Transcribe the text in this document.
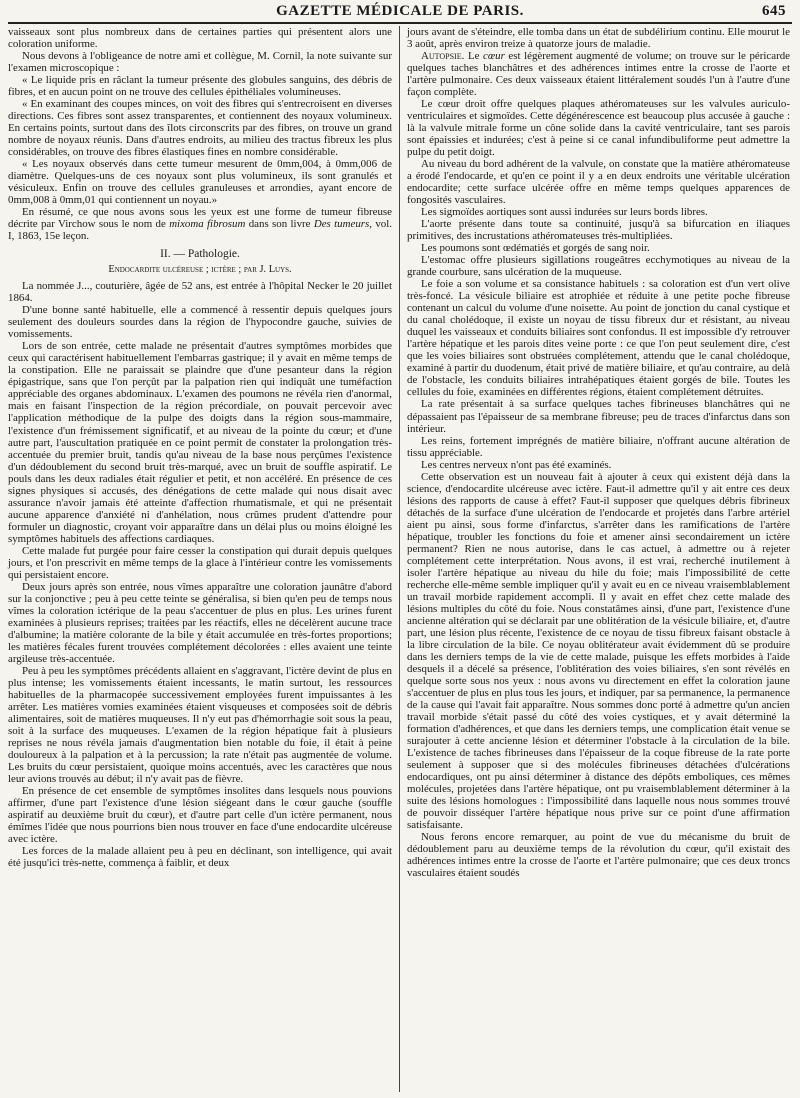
GAZETTE MÉDICALE DE PARIS.	645

vaisseaux sont plus nombreux dans de certaines parties qui présentent alors une coloration uniforme.

Nous devons à l'obligeance de notre ami et collègue, M. Cornil, la note suivante sur l'examen microscopique :

« Le liquide pris en râclant la tumeur présente des globules sanguins, des débris de fibres, et en aucun point on ne trouve des cellules épithéliales volumineuses.

« En examinant des coupes minces, on voit des fibres qui s'entrecroisent en diverses directions. Ces fibres sont assez transparentes, et contiennent des noyaux volumineux. En certains points, surtout dans des îlots circonscrits par des fibres, on trouve un grand nombre de noyaux réunis. Dans d'autres endroits, au milieu des tractus fibreux les plus considérables, on trouve des fibres élastiques fines en nombre considérable.

« Les noyaux observés dans cette tumeur mesurent de 0mm,004, à 0mm,006 de diamètre. Quelques-uns de ces noyaux sont plus volumineux, ils sont granulés et vésiculeux. Enfin on trouve des cellules granuleuses et arrondies, ayant encore de 0mm,008 à 0mm,01 qui contiennent un noyau.»

En résumé, ce que nous avons sous les yeux est une forme de tumeur fibreuse décrite par Virchow sous le nom de mixoma fibrosum dans son livre Des tumeurs, vol. I, 1863, 15e leçon.

II. — Pathologie.
Endocardite ulcéreuse ; ictère ; par J. Luys.

La nommée J..., couturière, âgée de 52 ans, est entrée à l'hôpital Necker le 20 juillet 1864.

D'une bonne santé habituelle, elle a commencé à ressentir depuis quelques jours seulement des douleurs sourdes dans la région de l'hypocondre gauche, suivies de vomissements.

Lors de son entrée, cette malade ne présentait d'autres symptômes morbides que ceux qui caractérisent habituellement l'embarras gastrique; il y avait en même temps de la constipation. Elle ne paraissait se plaindre que d'une pesanteur dans la région épigastrique, sans que l'on perçût par la palpation rien qui indiquât une tuméfaction appréciable des organes abdominaux. L'examen des poumons ne révéla rien d'anormal, mais en faisant l'inspection de la région précordiale, on pouvait percevoir avec l'application méthodique de la pulpe des doigts dans la région sous-mammaire, l'existence d'un frémissement significatif, et au niveau de la pointe du cœur; et d'une autre part, l'auscultation pratiquée en ce point permit de constater la prolongation très-accentuée du premier bruit, tandis qu'au niveau de la base nous perçûmes l'existence d'un dédoublement du second bruit très-marqué, avec un bruit de souffle aspiratif. Le pouls dans les deux radiales était régulier et petit, et non accéléré. En présence de ces signes physiques si accusés, des dénégations de cette malade qui nous disait avec assurance n'avoir jamais été atteinte d'affection rhumatismale, et qui ne présentait aucune apparence d'anxiété ni d'anhélation, nous crûmes prudent d'attendre pour formuler un diagnostic, croyant voir apparaître dans un délai plus ou moins éloigné les symptômes habituels des affections cardiaques.

Cette malade fut purgée pour faire cesser la constipation qui durait depuis quelques jours, et l'on prescrivit en même temps de la glace à l'intérieur contre les vomissements qui persistaient encore.

Deux jours après son entrée, nous vîmes apparaître une coloration jaunâtre d'abord sur la conjonctive ; peu à peu cette teinte se généralisa, si bien qu'en peu de temps nous vîmes la coloration ictérique de la peau s'accentuer de plus en plus. Les urines furent examinées à plusieurs reprises; traitées par les réactifs, elles ne décelèrent aucune trace d'albumine; la matière colorante de la bile y était accumulée en très-fortes proportions; les matières fécales furent trouvées complétement décolorées : elles avaient une teinte argileuse très-accentuée.

Peu à peu les symptômes précédents allaient en s'aggravant, l'ictère devint de plus en plus intense; les vomissements étaient incessants, le matin surtout, les ressources habituelles de la pharmacopée successivement employées furent impuissantes à les arrêter. Les matières vomies examinées étaient visqueuses et composées soit de débris alimentaires, soit de matières muqueuses. Il n'y eut pas d'hémorrhagie soit sous la peau, soit à la surface des muqueuses. L'examen de la région hépatique fait à plusieurs reprises ne nous révéla jamais d'augmentation bien notable du foie, il était à peine douloureux à la palpation et à la percussion; la rate n'était pas augmentée de volume. Les bruits du cœur persistaient, quoique moins accentués, avec les caractères que nous leur avions trouvés au début; il n'y avait pas de fièvre.

En présence de cet ensemble de symptômes insolites dans lesquels nous pouvions affirmer, d'une part l'existence d'une lésion siégeant dans le cœur gauche (souffle aspiratif au deuxième bruit du cœur), et d'autre part celle d'un ictère permanent, nous émîmes l'idée que nous pourrions bien nous trouver en face d'une endocardite ulcéreuse avec ictère.

Les forces de la malade allaient peu à peu en déclinant, son intelligence, qui avait été jusqu'ici très-nette, commença à faiblir, et deux

jours avant de s'éteindre, elle tomba dans un état de subdélirium continu. Elle mourut le 3 août, après environ treize à quatorze jours de maladie.

Autopsie. Le cœur est légèrement augmenté de volume; on trouve sur le péricarde quelques taches blanchâtres et des adhérences intimes entre la crosse de l'aorte et l'artère pulmonaire. Ces deux vaisseaux étaient littéralement soudés l'un à l'autre d'une façon complète.

Le cœur droit offre quelques plaques athéromateuses sur les valvules auriculo-ventriculaires et sigmoïdes. Cette dégénérescence est beaucoup plus accusée à gauche : là la valvule mitrale forme un cône solide dans la cavité ventriculaire, tant ses parois sont épaissies et indurées; c'est à peine si ce canal infundibuliforme peut admettre la pulpe du petit doigt.

Au niveau du bord adhérent de la valvule, on constate que la matière athéromateuse a érodé l'endocarde, et qu'en ce point il y a en deux endroits une véritable ulcération endocardite; cette surface ulcérée offre en même temps quelques apparences de fongosités vasculaires.

Les sigmoïdes aortiques sont aussi indurées sur leurs bords libres.

L'aorte présente dans toute sa continuité, jusqu'à sa bifurcation en iliaques primitives, des incrustations athéromateuses très-multipliées.

Les poumons sont œdématiés et gorgés de sang noir.

L'estomac offre plusieurs sigillations rougeâtres ecchymotiques au niveau de la grande courbure, sans ulcération de la muqueuse.

Le foie a son volume et sa consistance habituels : sa coloration est d'un vert olive très-foncé. La vésicule biliaire est atrophiée et réduite à une petite poche fibreuse contenant un calcul du volume d'une noisette. Au point de jonction du canal cystique et du canal cholédoque, il existe un noyau de tissu fibreux dur et résistant, au niveau duquel les vaisseaux et conduits biliaires sont confondus. Il est impossible d'y retrouver l'artère hépatique et les parois dites veine porte : ce que l'on peut seulement dire, c'est que les voies biliaires sont obstruées complétement, attendu que le canal cholédoque, examiné à partir du duodenum, était privé de matière biliaire, et qu'au contraire, au delà de l'obstacle, les conduits biliaires intrahépatiques étaient gorgés de bile. Toutes les cellules du foie, examinées en différentes régions, étaient complétement détruites.

La rate présentait à sa surface quelques taches fibrineuses blanchâtres qui ne dépassaient pas l'épaisseur de sa membrane fibreuse; peu de traces d'infarctus dans son intérieur.

Les reins, fortement imprégnés de matière biliaire, n'offrant aucune altération de tissu appréciable.

Les centres nerveux n'ont pas été examinés.

Cette observation est un nouveau fait à ajouter à ceux qui existent déjà dans la science, d'endocardite ulcéreuse avec ictère. Faut-il admettre qu'il y ait entre ces deux lésions des rapports de cause à effet? Faut-il supposer que quelques débris fibrineux détachés de la surface d'une ulcération de l'endocarde et projetés dans l'arbre artériel aient pu ainsi, sous forme d'infarctus, s'arrêter dans les ramifications de l'artère hépatique, troubler les fonctions du foie et amener ainsi secondairement un ictère permanent? Rien ne nous autorise, dans le cas actuel, à admettre ou à rejeter complétement cette interprétation. Nous avons, il est vrai, recherché inutilement à isoler l'artère hépatique au niveau du hile du foie; mais l'impossibilité de cette recherche elle-même semble impliquer qu'il y avait eu en ce niveau vraisemblablement un travail morbide rapidement accompli. Il y avait en effet chez cette malade des lésions multiples du côté du foie. Nous constatâmes ainsi, d'une part, l'existence d'une ancienne altération qui se déclarait par une oblitération de la vésicule biliaire, et, d'autre part, une lésion plus récente, l'existence de ce noyau de tissu fibreux faisant obstacle à la libre circulation de la bile. Ce noyau oblitérateur avait évidemment dû se produire dans les derniers temps de la vie de cette malade, puisque les effets morbides à l'aide desquels il a décelé sa présence, l'oblitération des voies biliaires, s'en sont révélés en quelque sorte sous nos yeux : nous avons vu directement en effet la coloration jaune s'accentuer de plus en plus tous les jours, et indiquer, par sa permanence, la permanence de la cause qui l'avait fait apparaître. Nous sommes donc porté à admettre qu'un ancien travail morbide s'était passé du côté des voies cystiques, et y avait déterminé la formation d'adhérences, et que dans les derniers temps, une complication était venue se surajouter à cette ancienne lésion et déterminer l'obstacle à la circulation de la bile. L'existence de taches fibrineuses dans l'épaisseur de la coque fibreuse de la rate porte seulement à supposer que si des molécules fibrineuses détachées d'ulcérations endocardiques, ont pu ainsi déterminer à distance des dépôts emboliques, ces mêmes molécules, projetées dans l'artère hépatique, ont pu vraisemblablement déterminer à la suite des lésions homologues : l'impossibilité dans laquelle nous nous sommes trouvé de pouvoir disséquer l'artère hépatique nous prive sur ce point d'une affirmation satisfaisante.

Nous ferons encore remarquer, au point de vue du mécanisme du bruit de dédoublement paru au deuxième temps de la révolution du cœur, qu'il existait des adhérences intimes entre la crosse de l'aorte et l'artère pulmonaire; que ces deux troncs vasculaires étaient soudés
